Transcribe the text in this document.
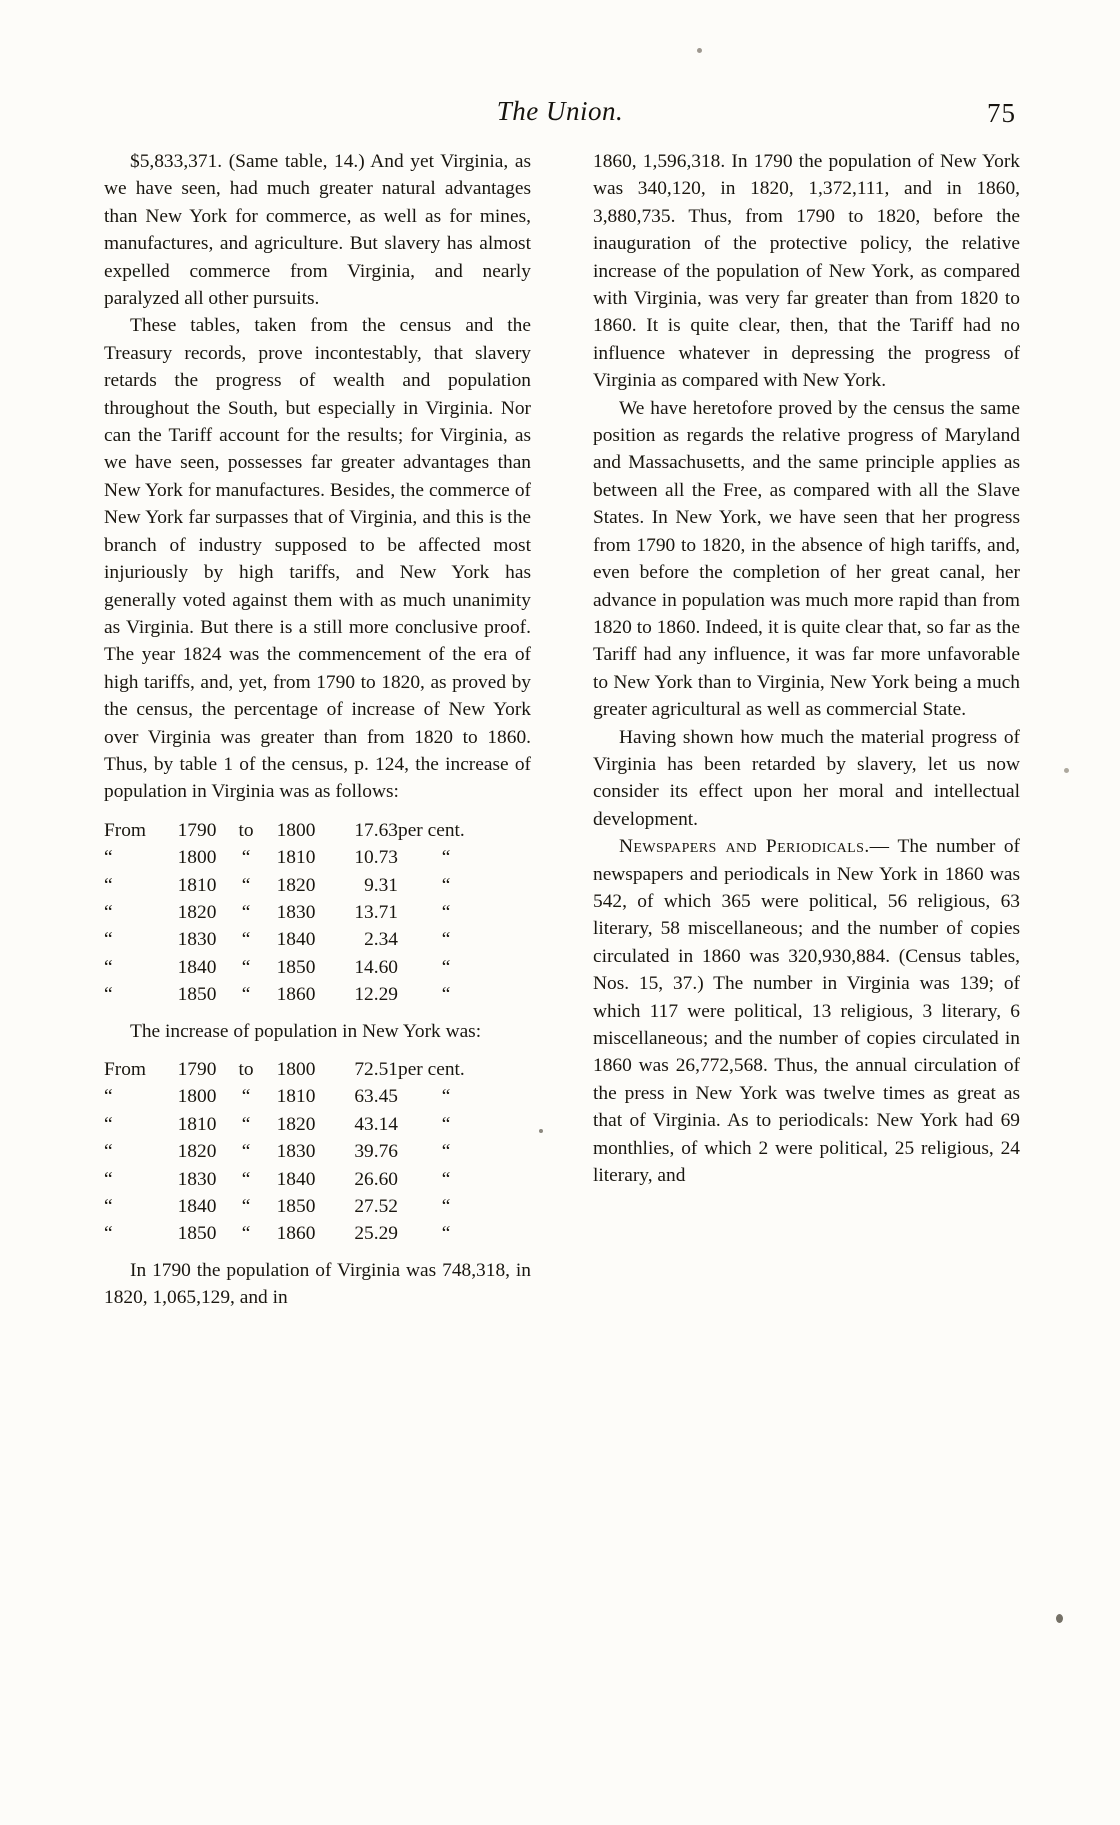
The Union.	75

$5,833,371. (Same table, 14.) And yet Virginia, as we have seen, had much greater natural advantages than New York for commerce, as well as for mines, manufactures, and agriculture. But slavery has almost expelled commerce from Virginia, and nearly paralyzed all other pursuits.

These tables, taken from the census and the Treasury records, prove incontestably, that slavery retards the progress of wealth and population throughout the South, but especially in Virginia. Nor can the Tariff account for the results; for Virginia, as we have seen, possesses far greater advantages than New York for manufactures. Besides, the commerce of New York far surpasses that of Virginia, and this is the branch of industry supposed to be affected most injuriously by high tariffs, and New York has generally voted against them with as much unanimity as Virginia. But there is a still more conclusive proof. The year 1824 was the commencement of the era of high tariffs, and, yet, from 1790 to 1820, as proved by the census, the percentage of increase of New York over Virginia was greater than from 1820 to 1860. Thus, by table 1 of the census, p. 124, the increase of population in Virginia was as follows:

From	1790	to	1800	17.63	per cent.
“	1800	“	1810	10.73	“
“	1810	“	1820	9.31	“
“	1820	“	1830	13.71	“
“	1830	“	1840	2.34	“
“	1840	“	1850	14.60	“
“	1850	“	1860	12.29	“

The increase of population in New York was:

From	1790	to	1800	72.51	per cent.
“	1800	“	1810	63.45	“
“	1810	“	1820	43.14	“
“	1820	“	1830	39.76	“
“	1830	“	1840	26.60	“
“	1840	“	1850	27.52	“
“	1850	“	1860	25.29	“

In 1790 the population of Virginia was 748,318, in 1820, 1,065,129, and in

1860, 1,596,318. In 1790 the population of New York was 340,120, in 1820, 1,372,111, and in 1860, 3,880,735. Thus, from 1790 to 1820, before the inauguration of the protective policy, the relative increase of the population of New York, as compared with Virginia, was very far greater than from 1820 to 1860. It is quite clear, then, that the Tariff had no influence whatever in depressing the progress of Virginia as compared with New York.

We have heretofore proved by the census the same position as regards the relative progress of Maryland and Massachusetts, and the same principle applies as between all the Free, as compared with all the Slave States. In New York, we have seen that her progress from 1790 to 1820, in the absence of high tariffs, and, even before the completion of her great canal, her advance in population was much more rapid than from 1820 to 1860. Indeed, it is quite clear that, so far as the Tariff had any influence, it was far more unfavorable to New York than to Virginia, New York being a much greater agricultural as well as commercial State.

Having shown how much the material progress of Virginia has been retarded by slavery, let us now consider its effect upon her moral and intellectual development.

Newspapers and Periodicals.— The number of newspapers and periodicals in New York in 1860 was 542, of which 365 were political, 56 religious, 63 literary, 58 miscellaneous; and the number of copies circulated in 1860 was 320,930,884. (Census tables, Nos. 15, 37.) The number in Virginia was 139; of which 117 were political, 13 religious, 3 literary, 6 miscellaneous; and the number of copies circulated in 1860 was 26,772,568. Thus, the annual circulation of the press in New York was twelve times as great as that of Virginia. As to periodicals: New York had 69 monthlies, of which 2 were political, 25 religious, 24 literary, and
